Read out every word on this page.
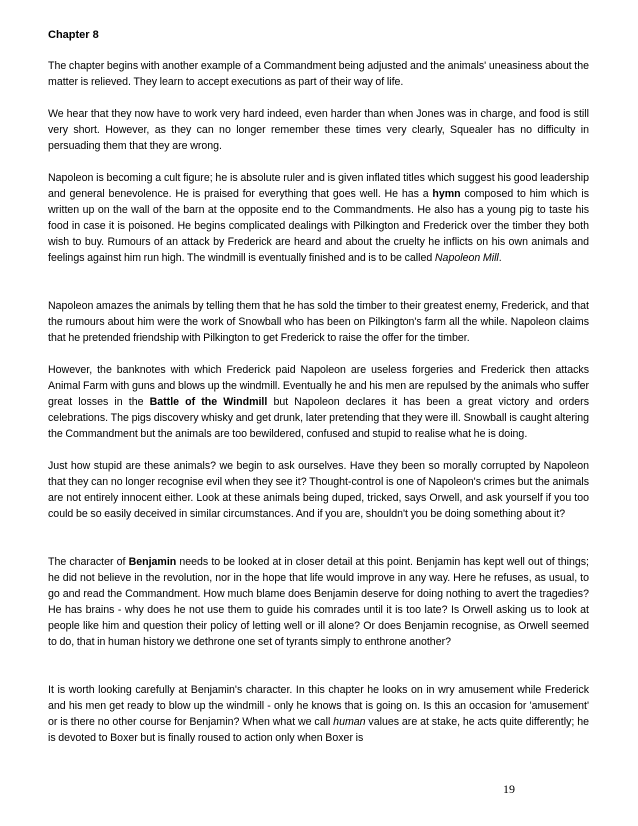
Chapter 8

The chapter begins with another example of a Commandment being adjusted and the animals' uneasiness about the matter is relieved. They learn to accept executions as part of their way of life.

We hear that they now have to work very hard indeed, even harder than when Jones was in charge, and food is still very short. However, as they can no longer remember these times very clearly, Squealer has no difficulty in persuading them that they are wrong.

Napoleon is becoming a cult figure; he is absolute ruler and is given inflated titles which suggest his good leadership and general benevolence. He is praised for everything that goes well. He has a hymn composed to him which is written up on the wall of the barn at the opposite end to the Commandments. He also has a young pig to taste his food in case it is poisoned. He begins complicated dealings with Pilkington and Frederick over the timber they both wish to buy. Rumours of an attack by Frederick are heard and about the cruelty he inflicts on his own animals and feelings against him run high. The windmill is eventually finished and is to be called Napoleon Mill.

Napoleon amazes the animals by telling them that he has sold the timber to their greatest enemy, Frederick, and that the rumours about him were the work of Snowball who has been on Pilkington's farm all the while. Napoleon claims that he pretended friendship with Pilkington to get Frederick to raise the offer for the timber.

However, the banknotes with which Frederick paid Napoleon are useless forgeries and Frederick then attacks Animal Farm with guns and blows up the windmill. Eventually he and his men are repulsed by the animals who suffer great losses in the Battle of the Windmill but Napoleon declares it has been a great victory and orders celebrations. The pigs discovery whisky and get drunk, later pretending that they were ill. Snowball is caught altering the Commandment but the animals are too bewildered, confused and stupid to realise what he is doing.

Just how stupid are these animals? we begin to ask ourselves. Have they been so morally corrupted by Napoleon that they can no longer recognise evil when they see it? Thought-control is one of Napoleon's crimes but the animals are not entirely innocent either. Look at these animals being duped, tricked, says Orwell, and ask yourself if you too could be so easily deceived in similar circumstances. And if you are, shouldn't you be doing something about it?

The character of Benjamin needs to be looked at in closer detail at this point. Benjamin has kept well out of things; he did not believe in the revolution, nor in the hope that life would improve in any way. Here he refuses, as usual, to go and read the Commandment. How much blame does Benjamin deserve for doing nothing to avert the tragedies? He has brains - why does he not use them to guide his comrades until it is too late? Is Orwell asking us to look at people like him and question their policy of letting well or ill alone? Or does Benjamin recognise, as Orwell seemed to do, that in human history we dethrone one set of tyrants simply to enthrone another?

It is worth looking carefully at Benjamin's character. In this chapter he looks on in wry amusement while Frederick and his men get ready to blow up the windmill - only he knows that is going on. Is this an occasion for 'amusement' or is there no other course for Benjamin? When what we call human values are at stake, he acts quite differently; he is devoted to Boxer but is finally roused to action only when Boxer is

19
